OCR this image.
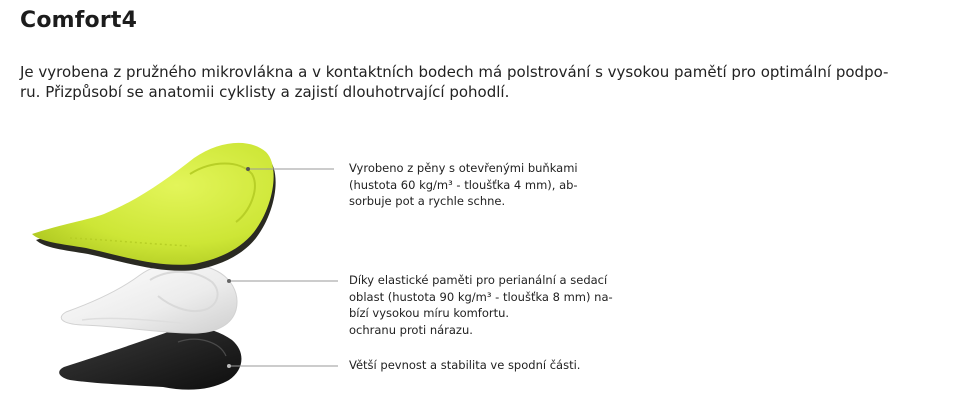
Comfort4

Je vyrobena z pružného mikrovlákna a v kontaktních bodech má polstrování s vysokou pamětí pro optimální podpo-
ru. Přizpůsobí se anatomii cyklisty a zajistí dlouhotrvající pohodlí.

Vyrobeno z pěny s otevřenými buňkami
(hustota 60 kg/m³ - tloušťka 4 mm), ab-
sorbuje pot a rychle schne.

Díky elastické paměti pro perianální a sedací
oblast (hustota 90 kg/m³ - tloušťka 8 mm) na-
bízí vysokou míru komfortu.
ochranu proti nárazu.

Větší pevnost a stabilita ve spodní části.
